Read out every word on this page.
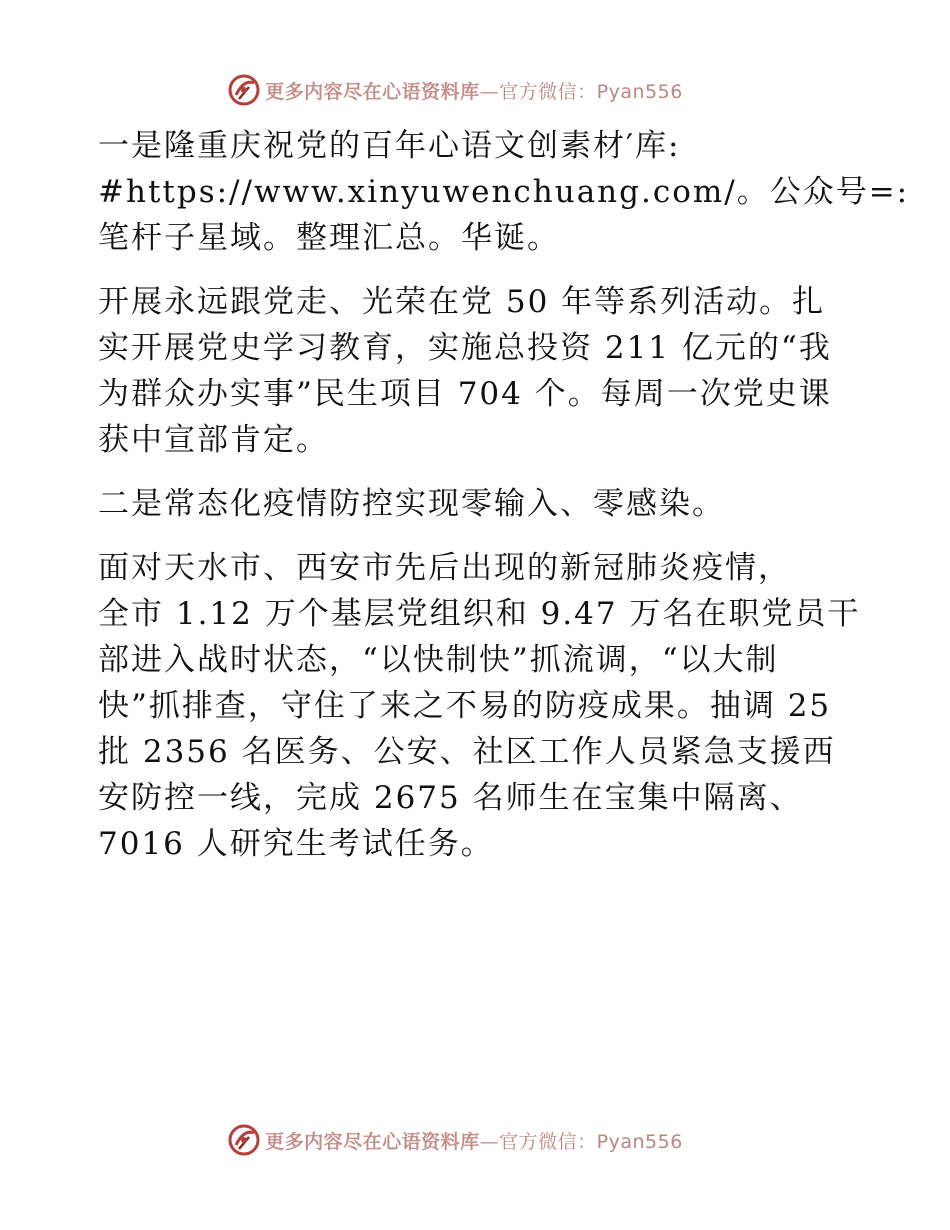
更多内容尽在心语资料库—官方微信：Pyan556

一是隆重庆祝党的百年心语文创素材′库:
#https://www.xinyuwenchuang.com/。公众号=:
笔杆子星域。整理汇总。华诞。

开展永远跟党走、光荣在党 50 年等系列活动。扎
实开展党史学习教育，实施总投资 211 亿元的“我
为群众办实事”民生项目 704 个。每周一次党史课
获中宣部肯定。

二是常态化疫情防控实现零输入、零感染。

面对天水市、西安市先后出现的新冠肺炎疫情，
全市 1.12 万个基层党组织和 9.47 万名在职党员干
部进入战时状态，“以快制快”抓流调，“以大制
快”抓排查，守住了来之不易的防疫成果。抽调 25
批 2356 名医务、公安、社区工作人员紧急支援西
安防控一线，完成 2675 名师生在宝集中隔离、
7016 人研究生考试任务。

更多内容尽在心语资料库—官方微信：Pyan556
